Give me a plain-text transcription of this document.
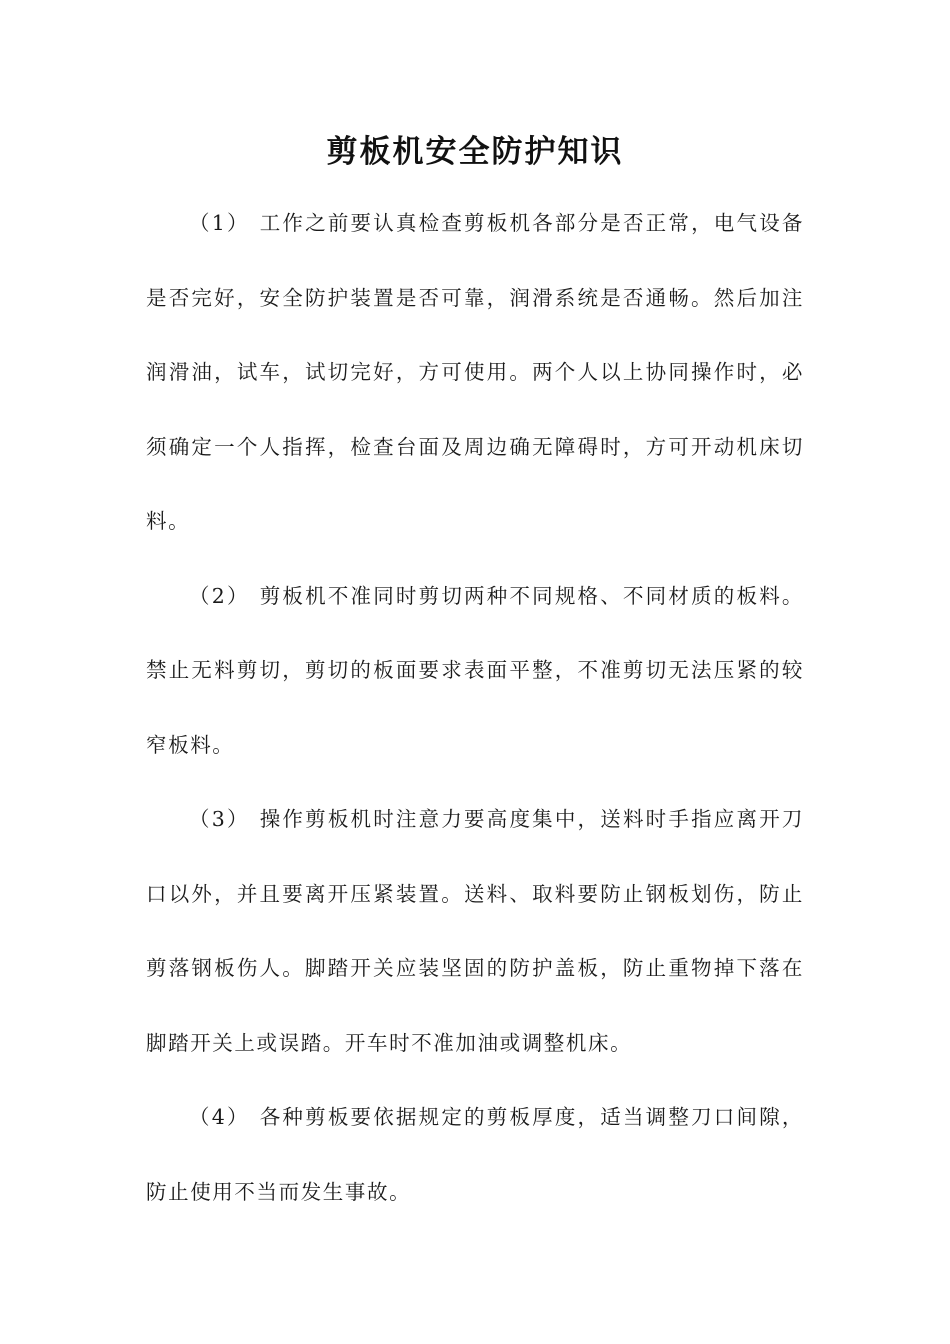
剪板机安全防护知识

（1） 工作之前要认真检查剪板机各部分是否正常，电气设备是否完好，安全防护装置是否可靠，润滑系统是否通畅。然后加注润滑油，试车，试切完好，方可使用。两个人以上协同操作时，必须确定一个人指挥，检查台面及周边确无障碍时，方可开动机床切料。

（2） 剪板机不准同时剪切两种不同规格、不同材质的板料。禁止无料剪切，剪切的板面要求表面平整，不准剪切无法压紧的较窄板料。

（3） 操作剪板机时注意力要高度集中，送料时手指应离开刀口以外，并且要离开压紧装置。送料、取料要防止钢板划伤，防止剪落钢板伤人。脚踏开关应装坚固的防护盖板，防止重物掉下落在脚踏开关上或误踏。开车时不准加油或调整机床。

（4） 各种剪板要依据规定的剪板厚度，适当调整刀口间隙，防止使用不当而发生事故。
